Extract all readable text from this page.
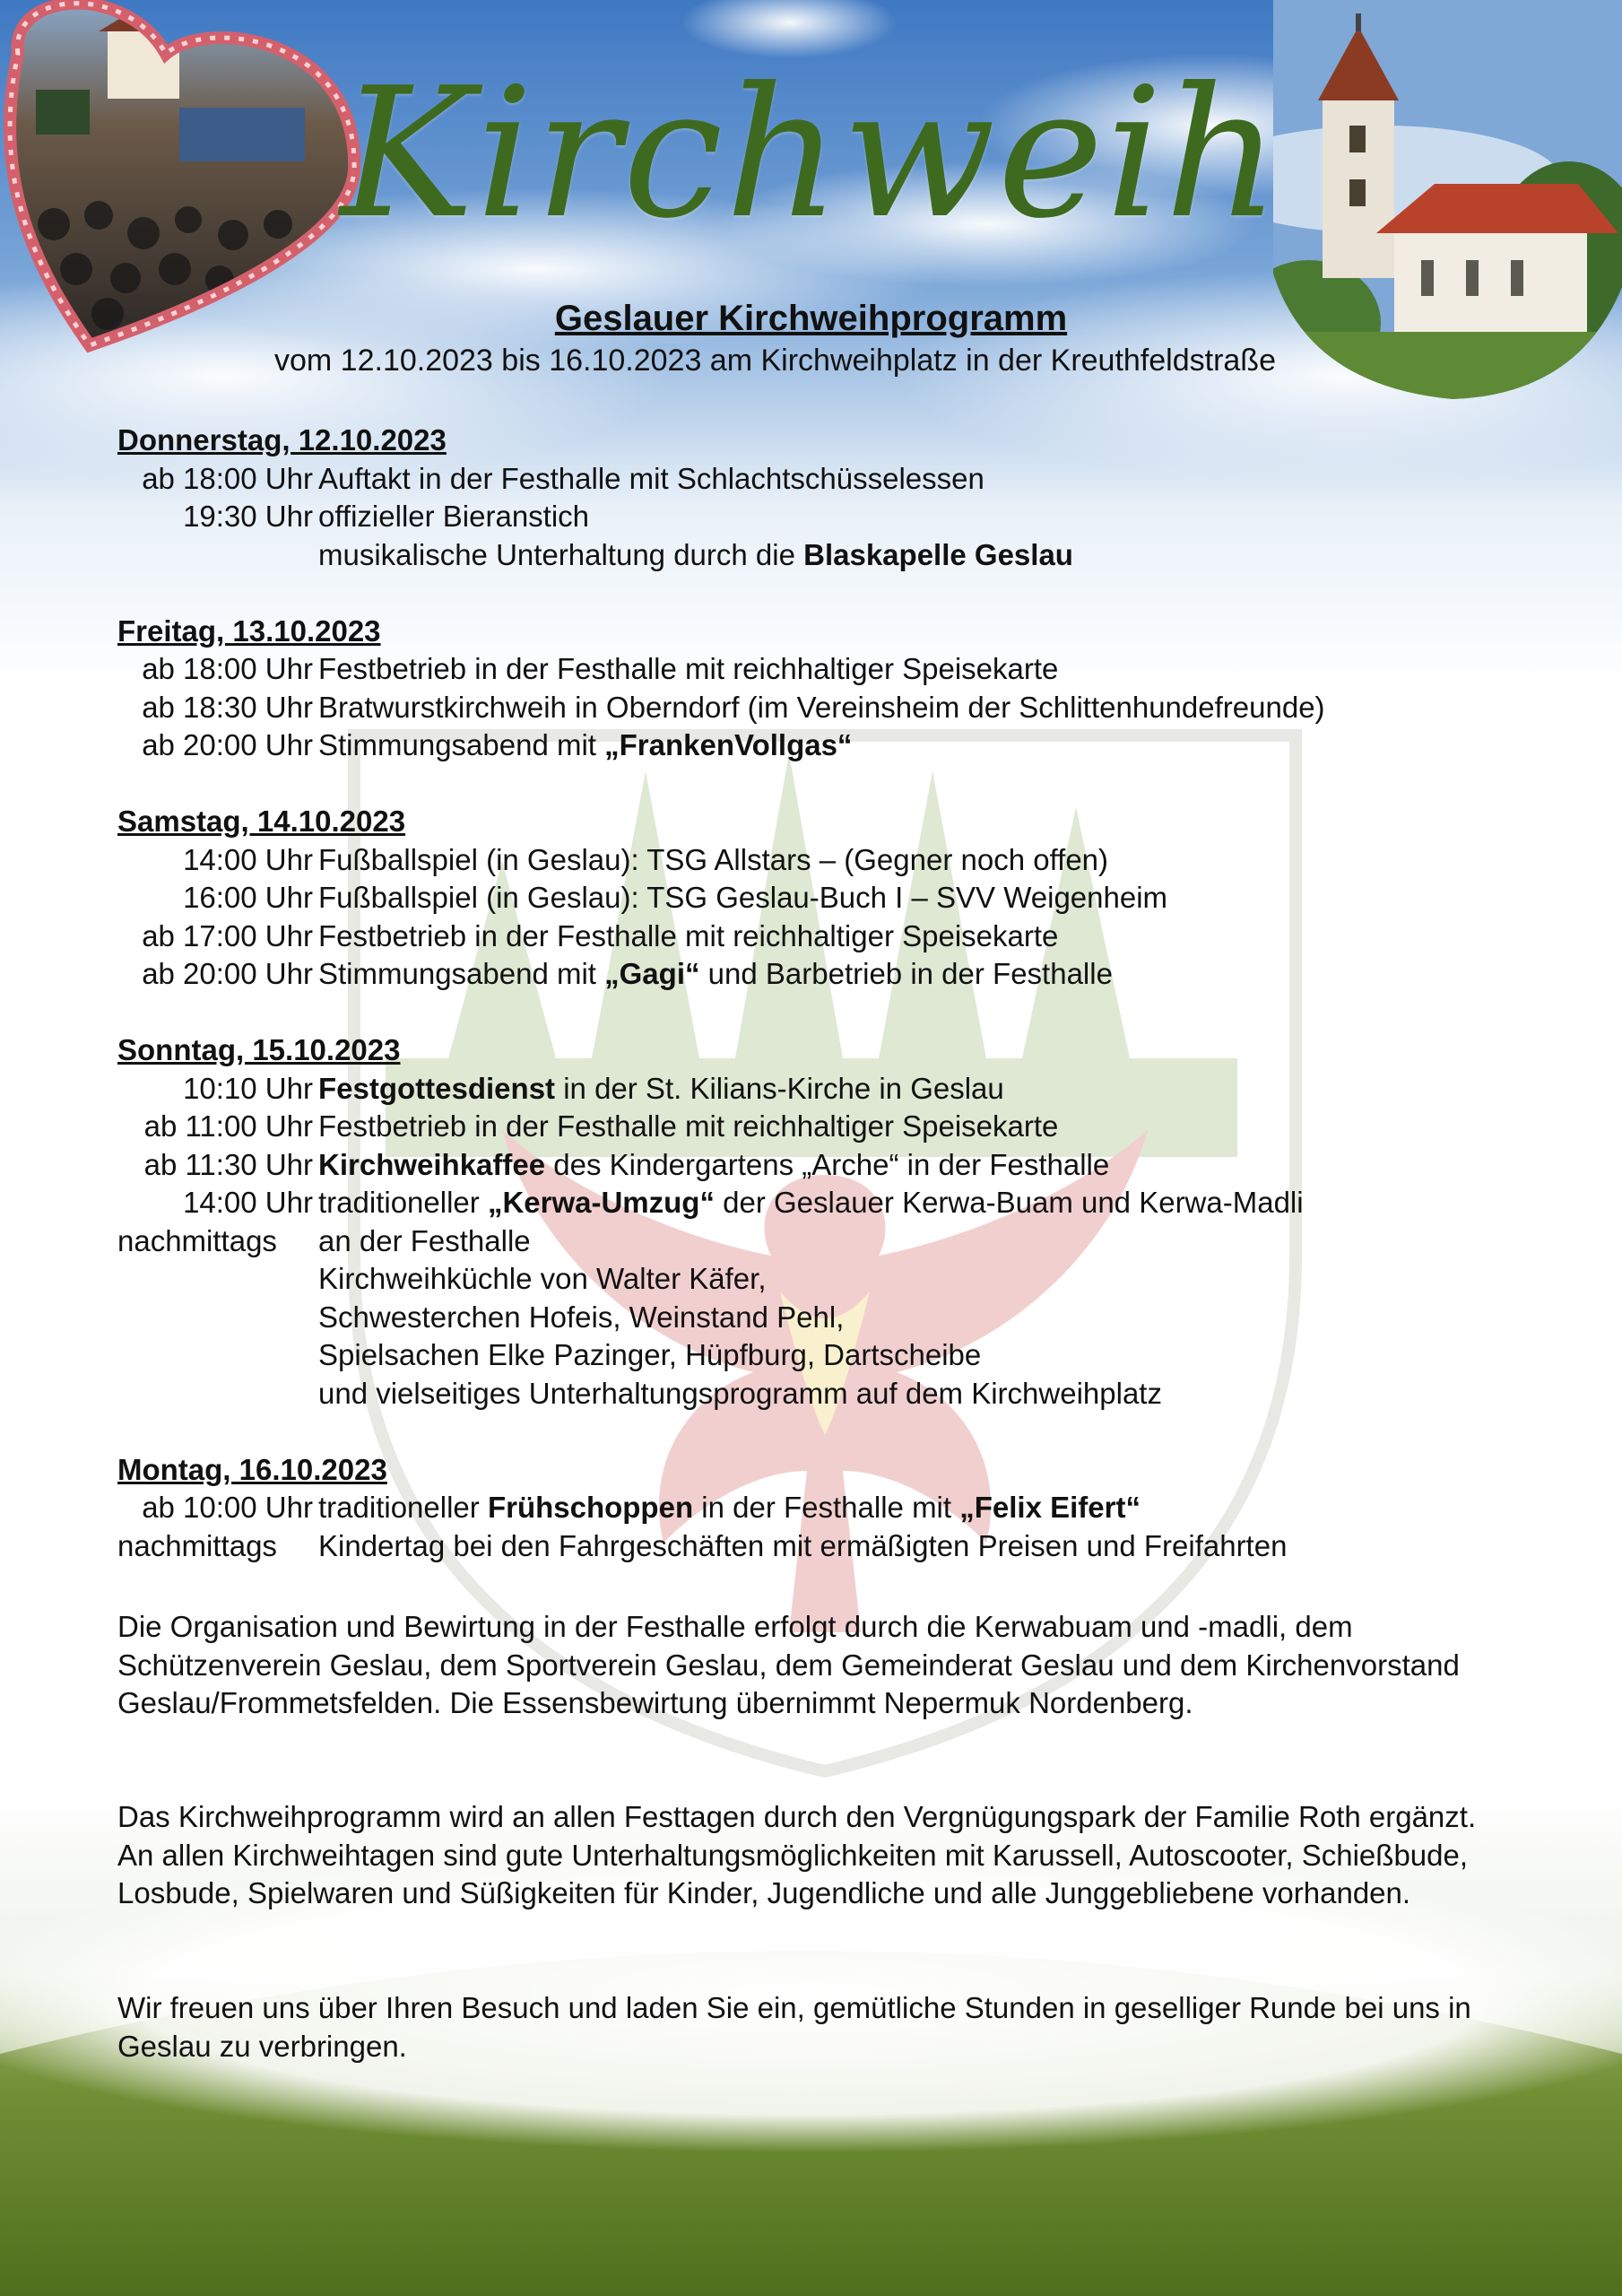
Kirchweih
Geslauer Kirchweihprogramm
vom 12.10.2023 bis 16.10.2023 am Kirchweihplatz in der Kreuthfeldstraße
Donnerstag, 12.10.2023
ab 18:00 Uhr Auftakt in der Festhalle mit Schlachtschüsselessen
19:30 Uhr offizieller Bieranstich
musikalische Unterhaltung durch die Blaskapelle Geslau
Freitag, 13.10.2023
ab 18:00 Uhr Festbetrieb in der Festhalle mit reichhaltiger Speisekarte
ab 18:30 Uhr Bratwurstkirchweih in Oberndorf (im Vereinsheim der Schlittenhundefreunde)
ab 20:00 Uhr Stimmungsabend mit „FrankenVollgas“
Samstag, 14.10.2023
14:00 Uhr Fußballspiel (in Geslau): TSG Allstars – (Gegner noch offen)
16:00 Uhr Fußballspiel (in Geslau): TSG Geslau-Buch I – SVV Weigenheim
ab 17:00 Uhr Festbetrieb in der Festhalle mit reichhaltiger Speisekarte
ab 20:00 Uhr Stimmungsabend mit „Gagi“ und Barbetrieb in der Festhalle
Sonntag, 15.10.2023
10:10 Uhr Festgottesdienst in der St. Kilians-Kirche in Geslau
ab 11:00 Uhr Festbetrieb in der Festhalle mit reichhaltiger Speisekarte
ab 11:30 Uhr Kirchweihkaffee des Kindergartens „Arche“ in der Festhalle
14:00 Uhr traditioneller „Kerwa-Umzug“ der Geslauer Kerwa-Buam und Kerwa-Madli
nachmittags	an der Festhalle
Kirchweihküchle von Walter Käfer,
Schwesterchen Hofeis, Weinstand Pehl,
Spielsachen Elke Pazinger, Hüpfburg, Dartscheibe
und vielseitiges Unterhaltungsprogramm auf dem Kirchweihplatz
Montag, 16.10.2023
ab 10:00 Uhr traditioneller Frühschoppen in der Festhalle mit „Felix Eifert“
nachmittags	Kindertag bei den Fahrgeschäften mit ermäßigten Preisen und Freifahrten
Die Organisation und Bewirtung in der Festhalle erfolgt durch die Kerwabuam und -madli, dem Schützenverein Geslau, dem Sportverein Geslau, dem Gemeinderat Geslau und dem Kirchenvorstand Geslau/Frommetsfelden. Die Essensbewirtung übernimmt Nepermuk Nordenberg.
Das Kirchweihprogramm wird an allen Festtagen durch den Vergnügungspark der Familie Roth ergänzt. An allen Kirchweihtagen sind gute Unterhaltungsmöglichkeiten mit Karussell, Autoscooter, Schießbude, Losbude, Spielwaren und Süßigkeiten für Kinder, Jugendliche und alle Junggebliebene vorhanden.
Wir freuen uns über Ihren Besuch und laden Sie ein, gemütliche Stunden in geselliger Runde bei uns in Geslau zu verbringen.
